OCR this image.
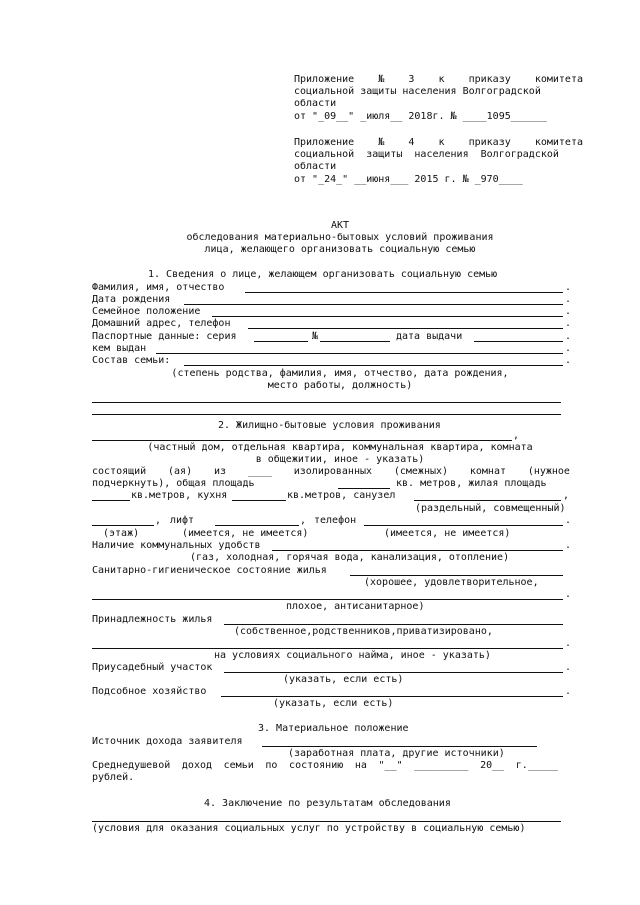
Приложение    №    3    к    приказу    комитета
социальной защиты населения Волгоградской
области
от "_09__" _июля__ 2018г. № ____1095______
Приложение    №    4    к    приказу    комитета
социальной  защиты  населения  Волгоградской
области
от "_24_" __июня___ 2015 г. № _970____
АКТ
обследования материально-бытовых условий проживания
лица, желающего организовать социальную семью
1. Сведения о лице, желающем организовать социальную семью
Фамилия, имя, отчество	.
Дата рождения	.
Семейное положение	.
Домашний адрес, телефон	.
Паспортные данные: серия	№	дата выдачи	.
кем выдан	.
Состав семьи:	.
(степень родства, фамилия, имя, отчество, дата рождения,
место работы, должность)
2. Жилищно-бытовые условия проживания
,
(частный дом, отдельная квартира, коммунальная квартира, комната
в общежитии, иное - указать)
состоящий (ая) из ____ изолированных (смежных) комнат (нужное
подчеркнуть), общая площадь	кв. метров, жилая площадь
кв.метров, кухня	кв.метров, санузел	,
(раздельный, совмещенный)
, лифт	, телефон	.
(этаж)	(имеется, не имеется)	(имеется, не имеется)
Наличие коммунальных удобств	.
(газ, холодная, горячая вода, канализация, отопление)
Санитарно-гигиеническое состояние жилья
(хорошее, удовлетворительное,
.
плохое, антисанитарное)
Принадлежность жилья
(собственное,родственников,приватизировано,
.
на условиях социального найма, иное - указать)
Приусадебный участок	.
(указать, если есть)
Подсобное хозяйство	.
(указать, если есть)
3. Материальное положение
Источник дохода заявителя
(заработная плата, другие источники)
Среднедушевой доход семьи по состоянию на "__" _________ 20__ г._____
рублей.
4. Заключение по результатам обследования
(условия для оказания социальных услуг по устройству в социальную семью)
